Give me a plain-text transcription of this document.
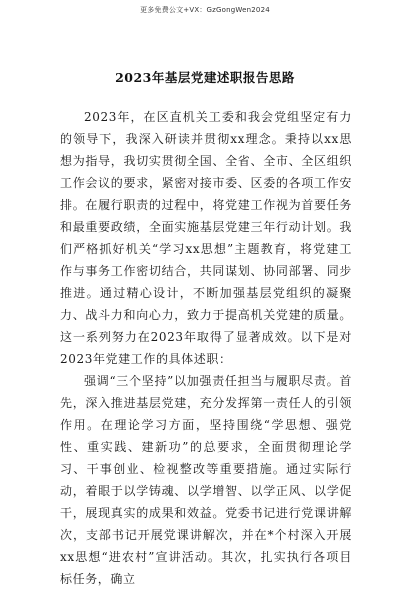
更多免费公文+VX：GzGongWen2024
2023年基层党建述职报告思路

2023年，在区直机关工委和我会党组坚定有力的领导下，我深入研读并贯彻xx理念。秉持以xx思想为指导，我切实贯彻全国、全省、全市、全区组织工作会议的要求，紧密对接市委、区委的各项工作安排。在履行职责的过程中，将党建工作视为首要任务和最重要政绩，全面实施基层党建三年行动计划。我们严格抓好机关“学习xx思想”主题教育，将党建工作与事务工作密切结合，共同谋划、协同部署、同步推进。通过精心设计，不断加强基层党组织的凝聚力、战斗力和向心力，致力于提高机关党建的质量。这一系列努力在2023年取得了显著成效。以下是对2023年党建工作的具体述职：

强调“三个坚持”以加强责任担当与履职尽责。首先，深入推进基层党建，充分发挥第一责任人的引领作用。在理论学习方面，坚持围绕“学思想、强党性、重实践、建新功”的总要求，全面贯彻理论学习、干事创业、检视整改等重要措施。通过实际行动，着眼于以学铸魂、以学增智、以学正风、以学促干，展现真实的成果和效益。党委书记进行党课讲解次，支部书记开展党课讲解次，并在*个村深入开展xx思想“进农村”宣讲活动。其次，扎实执行各项目标任务，确立
